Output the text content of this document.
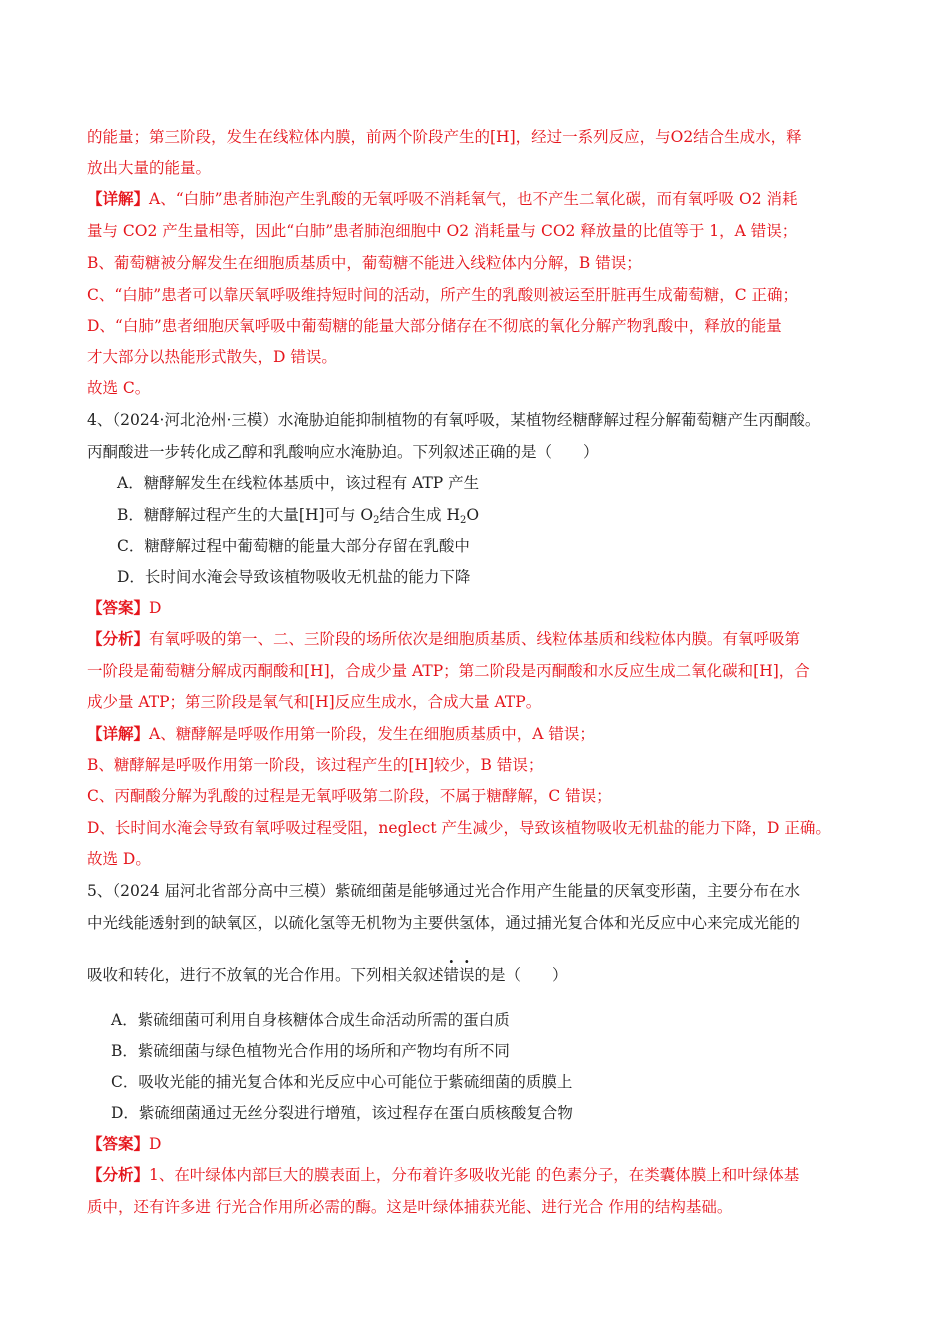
的能量；第三阶段，发生在线粒体内膜，前两个阶段产生的[H]，经过一系列反应，与O2结合生成水，释
放出大量的能量。
【详解】A、“白肺”患者肺泡产生乳酸的无氧呼吸不消耗氧气，也不产生二氧化碳，而有氧呼吸 O2 消耗
量与 CO2 产生量相等，因此“白肺”患者肺泡细胞中 O2 消耗量与 CO2 释放量的比值等于 1，A 错误；
B、葡萄糖被分解发生在细胞质基质中，葡萄糖不能进入线粒体内分解，B 错误；
C、“白肺”患者可以靠厌氧呼吸维持短时间的活动，所产生的乳酸则被运至肝脏再生成葡萄糖，C 正确；
D、“白肺”患者细胞厌氧呼吸中葡萄糖的能量大部分储存在不彻底的氧化分解产物乳酸中，释放的能量
才大部分以热能形式散失，D 错误。
故选 C。
4、（2024·河北沧州·三模）水淹胁迫能抑制植物的有氧呼吸，某植物经糖酵解过程分解葡萄糖产生丙酮酸。
丙酮酸进一步转化成乙醇和乳酸响应水淹胁迫。下列叙述正确的是（　　）
A．糖酵解发生在线粒体基质中，该过程有 ATP 产生
B．糖酵解过程产生的大量[H]可与 $O_2$结合生成 $H_2O$
C．糖酵解过程中葡萄糖的能量大部分存留在乳酸中
D．长时间水淹会导致该植物吸收无机盐的能力下降
【答案】D
【分析】有氧呼吸的第一、二、三阶段的场所依次是细胞质基质、线粒体基质和线粒体内膜。有氧呼吸第
一阶段是葡萄糖分解成丙酮酸和[H]，合成少量 ATP；第二阶段是丙酮酸和水反应生成二氧化碳和[H]，合
成少量 ATP；第三阶段是氧气和[H]反应生成水，合成大量 ATP。
【详解】A、糖酵解是呼吸作用第一阶段，发生在细胞质基质中，A 错误；
B、糖酵解是呼吸作用第一阶段，该过程产生的[H]较少，B 错误；
C、丙酮酸分解为乳酸的过程是无氧呼吸第二阶段，不属于糖酵解，C 错误；
D、长时间水淹会导致有氧呼吸过程受阻，neglect 产生减少，导致该植物吸收无机盐的能力下降，D 正确。
故选 D。
5、（2024 届河北省部分高中三模）紫硫细菌是能够通过光合作用产生能量的厌氧变形菌，主要分布在水
中光线能透射到的缺氧区，以硫化氢等无机物为主要供氢体，通过捕光复合体和光反应中心来完成光能的
吸收和转化，进行不放氧的光合作用。下列相关叙述错误的是（　　）
A．紫硫细菌可利用自身核糖体合成生命活动所需的蛋白质
B．紫硫细菌与绿色植物光合作用的场所和产物均有所不同
C．吸收光能的捕光复合体和光反应中心可能位于紫硫细菌的质膜上
D．紫硫细菌通过无丝分裂进行增殖，该过程存在蛋白质核酸复合物
【答案】D
【分析】1、在叶绿体内部巨大的膜表面上，分布着许多吸收光能 的色素分子，在类囊体膜上和叶绿体基
质中，还有许多进 行光合作用所必需的酶。这是叶绿体捕获光能、进行光合 作用的结构基础。
